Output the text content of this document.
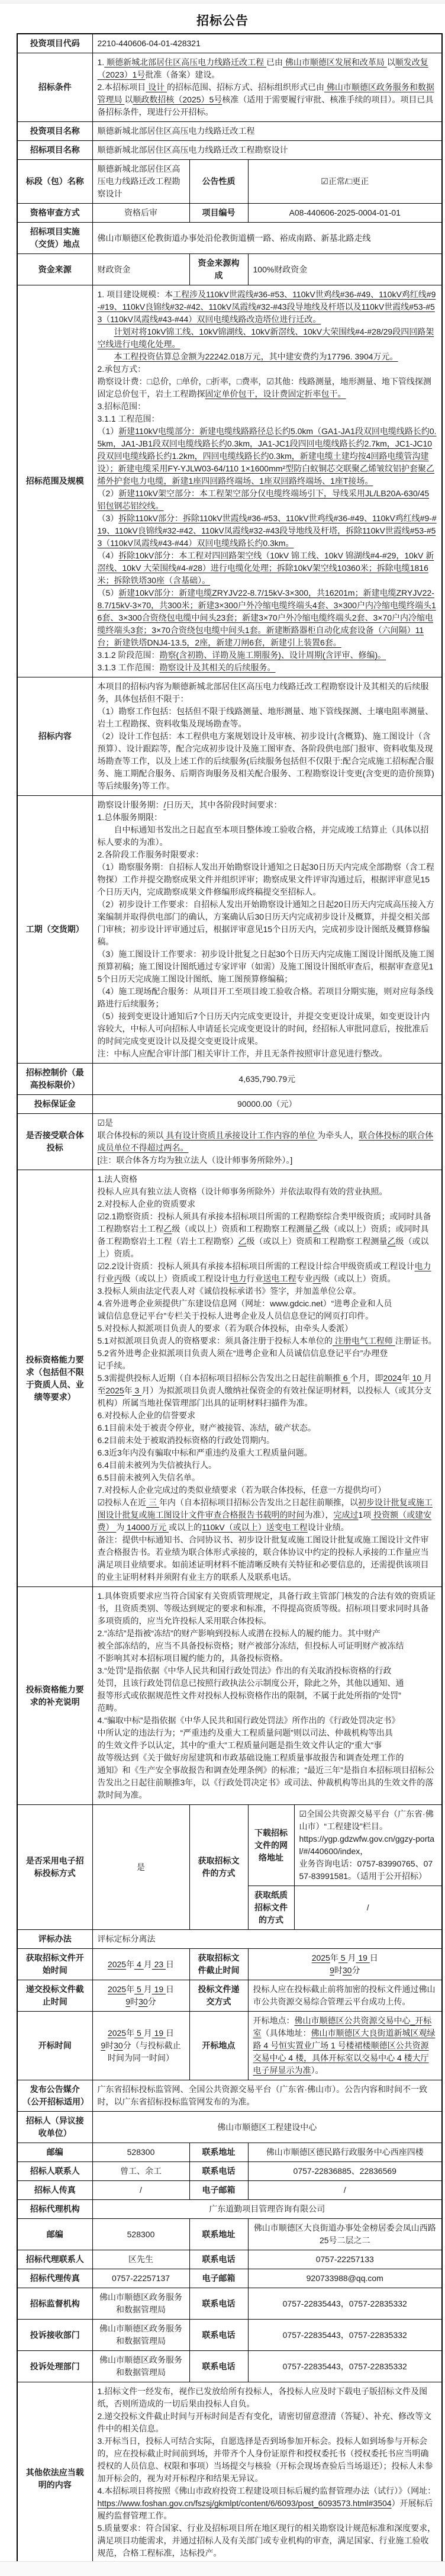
招标公告
投资项目代码	2210-440606-04-01-428321			
招标条件	1. 顺德新城北部居住区高压电力线路迁改工程 已由 佛山市顺德区发展和改革局 以顺发改复（2023）1号批准（备案）建设。
2.本招标项目 设计 的招标范围、招标方式、招标组织形式已由 佛山市顺德区政务服务和数据管理局 以顺政数招核（2025）5号核准（适用于需要履行审批、核准手续的项目）。项目已具备招标条件，现进行公开招标。			
投资项目名称	顺德新城北部居住区高压电力线路迁改工程			
招标项目名称	顺德新城北部居住区高压电力线路迁改工程勘察设计			
标段（包）名称	顺德新城北部居住区高压电力线路迁改工程勘察设计	公告性质	☑正常/□更正	
资格审查方式	资格后审	项目编号	A08-440606-2025-0004-01-01	
招标项目实施（交货）地点	佛山市顺德区伦教街道办事处沿伦教街道横一路、裕成南路、新基北路走线			
资金来源	财政资金	资金来源构成	100%财政资金	
招标范围及规模	1. 项目建设规模：本工程涉及110kV世霞线#36-#53、110kV世鸡线#36-#49、110kV鸡红线#9-#19、110kV良锦线#32-#42、110kV凤霞线#32-#43段导地线及杆塔以及110kV世霞线#53-#53（110kV凤霞线#43-#44）双回电缆线路改造塔位进行迁改。
　　计划对将10kV锦工线、10kV锦湖线、10kV新滘线、10kV大荣围线#4-#28/29段四回路架空线进行电缆化处理。
　　本工程投资估算总金额为22242.018万元，其中建安费约为17796. 3904万元。
2.承包方式：
勘察设计费：□总价，□单价，□折率，□费率，☑其他：线路测量，地形测量、地下管线探测固定总价包干，岩土工程勘探固定单价包干，设计费固定折率包干。
3.招标范围：
3.1.1 工程范围：
（1）新建110kV电缆部分：新建电缆线路路径总长约5.0km（GA1-JA1段双回电缆线路长约0.5km，JA1-JB1段双回电缆线路长约0.3km，JA1-JC1段四回电缆线路长约2.7km，JC1-JC10段双回电缆线路长约1.2km，四回电缆线路长约0.3km，新建电缆土建均按4回路电缆管沟建设）；新建电缆采用FY-YJLW03-64/110 1×1600mm²型防白蚁铜芯交联聚乙烯皱纹铝护套聚乙烯外护套电力电缆，新建1座四回路终端场、1座双回路终端场、1座T接场。
（2）新建110kV架空部分：本工程架空部分仅电缆终端场引下，导线采用JL/LB20A-630/45 铝包钢芯铝绞线。
（3）拆除110kV部分：拆除110kV世霞线#36-#53、110kV世鸡线#36-#49、110kV鸡红线#9-#19、110kV良锦线#32-#42、110kV凤霞线#32-#43段导地线及杆塔，拆除110kV世霞线#53-#53（110kV凤霞线#43-#44）双回电缆线路长约0.3km。
（4）拆除10kV部分：本工程对四回路架空线（10kV 锦工线、10kV 锦湖线#4-#29，10kV 新滘线、10kV 大荣围线#4-#28）进行电缆化处理；拆除10kV架空线10360米；拆除电缆1816米；拆除铁塔30座（含基础）。
（5）新建10kV部分：新建电缆ZRYJV22-8.7/15kV-3×300，共16201m；新建电缆ZRYJV22-8.7/15kV-3×70，共300米；新建3×300户外冷缩电缆终端头4套、3×300户内冷缩电缆终端头16套、3×300合资绕包电缆中间头23套；新建3×70户外冷缩电缆终端头2套、3×70户内冷缩电缆终端头3套；3×70合资绕包电缆中间头1套。新建断路器柜自动化成套设备（六间隔）11台；新建铁塔DNJ4-13.5，2座，新建刀闸6套，新建引上装置6套。
3.1.2 阶段范围：勘察(含初勘、详勘及施工期服务)、设计周期(含评审、修编)。
3.1.3 工作范围：勘察设计及其相关的后续服务。
招标内容	本项目的招标内容为顺德新城北部居住区高压电力线路迁改工程勘察设计及其相关的后续服务，具体包括但不限于：
（1）勘察工作包括：包括但不限于线路测量、地形测量、地下管线探测、土壤电阻率测量、岩土工程勘探、资料收集及现场勘查等。
（2）设计工作包括：本工程供电方案规划设计及审核、初步设计(含概算)、施工图设计（含预算）、设计跟踪等，配合完成初步设计及施工图审查、各阶段供电部门报审、资料收集及现场勘查等工作，以及上述工作的后续服务(后续服务包括但不仅限于:配合完成施工招标配合服务、施工期配合服务、后期咨询服务及相关配合服务、工程勘察设计变更(含变更的造价预算)等后续服务)等工作。			
工期（交货期）	勘察设计服务期：/日历天，其中各阶段时间要求：
1.总体服务期限：
　　自中标通知书发出之日起直至本项目整体竣工验收合格，并完成竣工结算止（具体以招标人要求的为准）。
2.各阶段工作服务时限要求：
（1）勘察服务期：自招标人发出开始勘察设计通知之日起30日历天内完成全部勘察（含工程物探）工作并提交勘察成果文件并组织评审；勘察成果文件评审沟通过后，根据评审意见15个日历天内，完成勘察成果文件修编形成终稿提交至招标人。
（2）初步设计工作要求：自招标人发出开始勘察设计通知之日起20日历天内完成高压接入方案编制并取得供电部门的确认，方案确认后30日历天内完成初步设计及概算，并提交相关部门审核；初步设计评审通过后，根据评审意见15个日历天内，完成初步设计图纸及概算修编稿。
（3）施工图设计工作要求：初步设计批复之日起30个日历天内完成施工图设计图纸及施工图预算初稿；施工图设计图纸通过专家评审（如需）及施工图设计图纸审查后，根据审查意见15个日历天完成施工图设计图纸、施工图预算修编稿；
（4）施工现场配合服务：从项目开工至项目竣工验收合格。若项目分期实施，则对应每条线路进行后续服务；
（5）接到变更设计通知后7个日历天内完成变更设计，并提交变更设计成果，如变更设计内容较大，中标人可向招标人申请延长完成变更设计的时间，经招标人审批同意后，按批准后的时间完成变更设计以及提交变更设计成果。
注：中标人应配合审计部门相关审计工作，并且无条件按照审计意见进行整改。
招标控制价（最高投标限价）	4,635,790.79元			
投标保证金	90000.00（元）			
是否接受联合体投标	☑是
联合体投标的须以 具有设计资质且承接设计工作内容的单位 为牵头人，联合体投标的联合体成员单位不得超过两名。
[注：联合体各方均为独立法人（设计师事务所除外）。]			
投标资格能力要求（包括但不限于资质人员、业绩等要求）	1.法人资格
投标人应具有独立法人资格（设计师事务所除外）并依法取得有效的营业执照。
2.对投标人企业的资质要求
☑2.1勘察资质：投标人须具有承接本招标项目所需的工程勘察综合类甲级资质；或同时具备工程勘察岩土工程乙级（或以上）资质和工程勘察工程测量乙级（或以上）资质；或同时具备工程勘察岩土工程（岩土工程勘察）乙级（或以上）资质和工程勘察工程测量乙级（或以上）资质。
☑2.2设计资质：投标人须具有承接本招标项目所需的工程设计综合甲级资质或工程设计电力行业丙级（或以上）资质或工程设计电力行业送电工程专业丙级（或以上）资质。
3.投标人须由法定代表人对《诚信投标承诺书》签字，并加盖单位公章。
4.省外进粤企业须提供广东建设信息网（网址：www.gdcic.net）“进粤企业和人员
诚信信息登记平台”专栏关于投标人进粤企业及人员信息登记的网页打印件。
5.对投标人拟派项目负责人的要求（若为联合体投标，由牵头人委派）
5.1对拟派项目负责人的资格要求：须具备注册于投标人本单位的 注册电气工程师 注册证书。
5.2省外进粤企业拟派项目负责人须在“进粤企业和人员诚信信息登记平台”办理登
记手续。
5.3需提供投标人近期（自本招标项目招标公告发出之日起往前顺推 6 个月，即2024年 10 月至2025年 3 月）为拟派项目负责人缴纳社保资金的有效社保证明材料，以投标人（或其分支机构）所属当地社保管理部门出具的证明材料扫描件为准。
6.对投标人企业的信誉要求
6.1目前未处于被责令停业，财产被接管、冻结，破产状态。
6.2目前未处于被取消投标资格的行政处罚期内。
6.3近3年内没有骗取中标和严重违约及重大工程质量问题。
6.4目前未被列为失信被执行人。
6.5目前未被列入失信名单。
7.对投标人企业完成过的类似业绩要求（若为联合体投标，任意一方提供均可）
☑投标人在近 三 年内（自本招标项目招标公告发出之日起往前顺推，以初步设计批复或施工图设计批复或施工图设计文件审查合格报告书载明的时间为准），完成过1项 投资额（或建安费） 为 14000万元 或以上的110kV（或以上）送变电工程设计业绩。
备注：提供中标通知书、合同协议书、初步设计批复或施工图设计批复或施工图设计文件审查合格报告书。若业绩为联合体形式承接的，联合体协议中约定的投标人承接的工作量应当满足项目业绩要求。如前述证明材料不能清晰反映有关特征和必要信息的，还需提供该项目的业主证明材料并须附有业主方的联系人及联系电话。
投标资格能力要求的补充说明	1.具体资质要求应当符合国家有关资质管理规定，具备行政主管部门核发的合法有效的资质证书，且资质类别、等级达到规定的要求和标准，不得提高资质等级。招标项目要求同时具备多项资质的，应当允许投标人采用联合体投标。
2.“冻结”是指被“冻结”的财产影响到投标人或潜在投标人的履约能力。其中财产
被全部冻结的，应当不具备投标资格；财产被部分冻结，但投标人可证明财产被冻结
不影响其对本招标项目履约能力的，具备投标资格。
3.“处罚”是指依据《中华人民共和国行政处罚法》作出的有关取消投标资格的行政
处罚，且该行政处罚信息已按照行政执法公示制度公开，除此之外，其他以通知、通
报等形式或依据规范性文件对投标人投标资格作出的限制，不属于此处所指的“处罚”
范畴。
4.“骗取中标”是指依据《中华人民共和国行政处罚法》所作出的《行政处罚决定书》
中所认定的违法行为；“严重违约及重大工程质量问题”则以司法、仲裁机构等出具
的生效文件予以认定，其中的“重大”工程质量问题是指生效文件认定的“重大”事
故等级达到《关于做好房屋建筑和市政基础设施工程质量事故报告和调查处理工作的
通知》和《生产安全事故报告和调查处理条例》的标准；“最近三年”是指自本招标项目招标公告发出之日起往前顺推3年，以《行政处罚决定书》或司法、仲裁机构等出具的生效文件的落款时间为准。
是否采用电子招标投标方式	是	获取招标文件的方式	下载招标文件的网络地址	☑全国公共资源交易平台（广东省·佛山市）“工程建设”栏目。
https://ygp.gdzwfw.gov.cn/ggzy-portal/#/440600/index，
业务咨询电话：0757-83990765、0757-83991581。（适用于公开招标）
			获取纸质招标文件的方式	/
评标办法	评标定标分离法			
获取招标文件开始时间	2025年 4 月 23 日	获取招标文件截止时间	2025年 5 月 19 日
9时30分	
递交投标文件截止时间	2025年 5 月 19 日
9时30分	投标文件递交方式	投标人应在投标截止前将加密的投标文件通过佛山市公共资源交易综合管理云平台成功上传。	
开标时间	2025年 5 月 19 日
9时30分（与投标截止时间为同一时间）	开标地点	开标地点：佛山市顺德区公共资源交易中心_开标室（具体地址：佛山市顺德区大良街道新城区观绿路 4 号恒实置业广场 1 号楼裙楼顺德区公共资源交易中心 4 楼，具体开标室以交易中心 4 楼大厅电子屏显示为准）。	
发布公告媒介（公开招标适用）	广东省招标投标监管网、全国公共资源交易平台（广东省·佛山市）。公告内容和时间不一致时，以广东省招标投标监管网发布的为准。			
招标人（异议接收单位）	佛山市顺德区工程建设中心			
邮编	528300	联系地址	佛山市顺德区德民路行政服务中心西座四楼	
招标人联系人	曾工、余工	联系电话	0757-22836885、22836569	
招标人传真	/	电子邮箱	/	
招标代理机构	广东道勤项目管理咨询有限公司			
邮编	528300	联系地址	佛山市顺德区大良街道办事处金榜居委会凤山西路25号二层之二	
招标代理联系人	区先生	联系电话	0757-22257133	
招标代理传真	0757-22257137	电子邮箱	920733988@qq.com	
招标监督机构	佛山市顺德区政务服务和数据管理局	联系电话	0757-22835443，0757-22835332	
投诉接收部门	佛山市顺德区政务服务和数据管理局	联系电话	0757-22835443，0757-22835332	
投诉处理部门	佛山市顺德区政务服务和数据管理局	联系电话	0757-22835443，0757-22835332	
其他依法应当载明的内容	1.招标文件一经发布，视作已发放给所有投标人，各投标人应及时下载电子版招标文件及图纸，否则所造成的一切后果由投标人自负。
2.递交投标文件截止时间与开标时间是否有变化，请密切留意澄清（答疑）、补充、修改等文件中的相关信息。
3.开标当日，投标人可结合实际，自愿选择是否到场参加开标会。投标人如到场参与开标会的，应在投标截止时间前到场，并带齐个人身份证原件和授权委托书（授权委托书应当明确授权的人员信息、权限和事项）当场提交与核验（开标会现场查验后当场退还）；投标人未参加开标会的，视为对开标程序和结果无异议。
4.本招标项目将按照《佛山市政府投资工程建设项目标后履约监督管理办法（试行）》（网址：
https://www.foshan.gov.cn/fszsj/gkmlpt/content/6/6093/post_6093573.html#3504）开展标后履约监督管理工作。
5.质量要求：符合国家、行业及招标项目所在地区现行的相关勘察设计规范标准和深度要求，满足项目功能需求，并通过招标人及有关部门或专业机构的审查，满足国家、行业施工验收规范，合格工程标准，达标投产。
